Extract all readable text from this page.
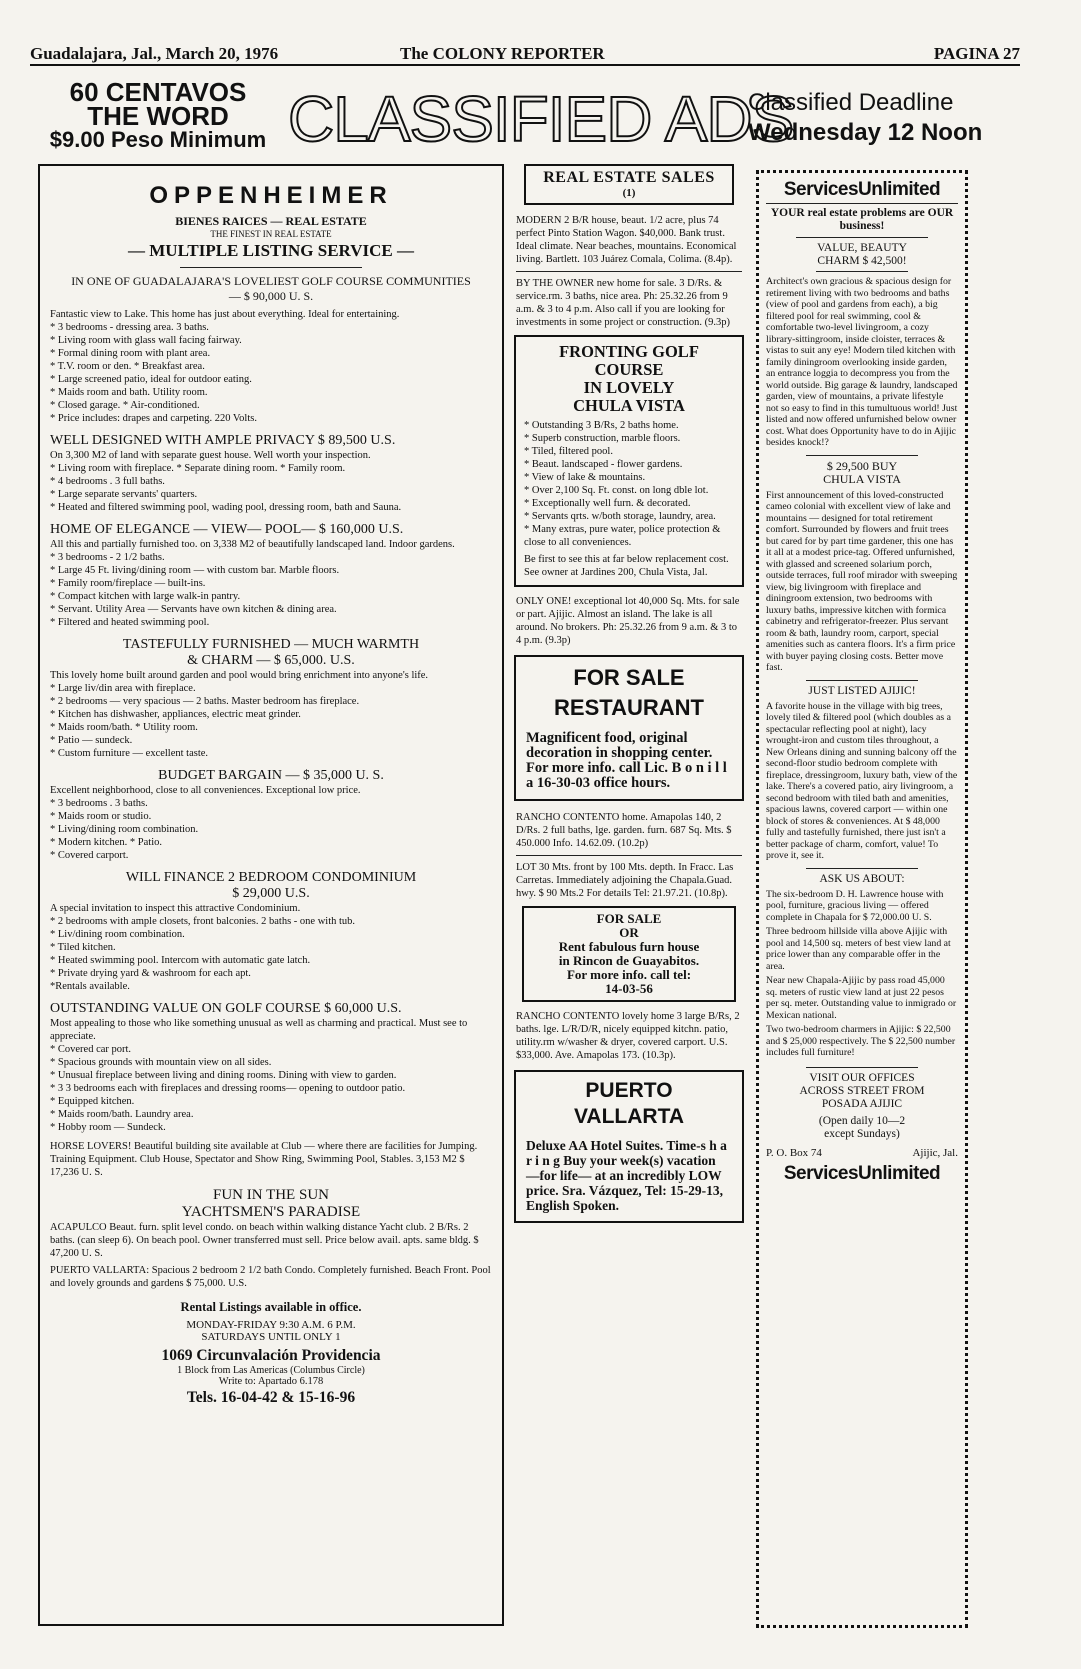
Guadalajara, Jal., March 20, 1976	The COLONY REPORTER	PAGINA 27
60 CENTAVOS
THE WORD
$9.00 Peso Minimum CLASSIFIED ADS
Classified Deadline
Wednesday 12 Noon
OPPENHEIMER
BIENES RAICES — REAL ESTATE
THE FINEST IN REAL ESTATE
— MULTIPLE LISTING SERVICE —
IN ONE OF GUADALAJARA'S LOVELIEST GOLF COURSE COMMUNITIES — $ 90,000 U. S.

Fantastic view to Lake. This home has just about everything. Ideal for entertaining.

* 3 bedrooms - dressing area. 3 baths.

* Living room with glass wall facing fairway.

* Formal dining room with plant area.

* T.V. room or den. * Breakfast area.

* Large screened patio, ideal for outdoor eating.

* Maids room and bath. Utility room.

* Closed garage. * Air-conditioned.

* Price includes: drapes and carpeting. 220 Volts.

WELL DESIGNED WITH AMPLE PRIVACY $ 89,500 U.S.

On 3,300 M2 of land with separate guest house. Well worth your inspection.

* Living room with fireplace. * Separate dining room. * Family room.

* 4 bedrooms . 3 full baths.

* Large separate servants' quarters.

* Heated and filtered swimming pool, wading pool, dressing room, bath and Sauna.

HOME OF ELEGANCE — VIEW— POOL— $ 160,000 U.S.

All this and partially furnished too. on 3,338 M2 of beautifully landscaped land. Indoor gardens.

* 3 bedrooms - 2 1/2 baths.

* Large 45 Ft. living/dining room — with custom bar. Marble floors.

* Family room/fireplace — built-ins.

* Compact kitchen with large walk-in pantry.

* Servant. Utility Area — Servants have own kitchen & dining area.

* Filtered and heated swimming pool.

TASTEFULLY FURNISHED — MUCH WARMTH
& CHARM — $ 65,000. U.S.

This lovely home built around garden and pool would bring enrichment into anyone's life.

* Large liv/din area with fireplace.

* 2 bedrooms — very spacious — 2 baths. Master bedroom has fireplace.

* Kitchen has dishwasher, appliances, electric meat grinder.

* Maids room/bath. * Utility room.

* Patio — sundeck.

* Custom furniture — excellent taste.

BUDGET BARGAIN — $ 35,000 U. S.

Excellent neighborhood, close to all conveniences. Exceptional low price.

* 3 bedrooms . 3 baths.

* Maids room or studio.

* Living/dining room combination.

* Modern kitchen. * Patio.

* Covered carport.

WILL FINANCE 2 BEDROOM CONDOMINIUM
$ 29,000 U.S.

A special invitation to inspect this attractive Condominium.

* 2 bedrooms with ample closets, front balconies. 2 baths - one with tub.

* Liv/dining room combination.

* Tiled kitchen.

* Heated swimming pool. Intercom with automatic gate latch.

* Private drying yard & washroom for each apt.

*Rentals available.

OUTSTANDING VALUE ON GOLF COURSE $ 60,000 U.S.

Most appealing to those who like something unusual as well as charming and practical. Must see to appreciate.

* Covered car port.

* Spacious grounds with mountain view on all sides.

* Unusual fireplace between living and dining rooms. Dining with view to garden.

* 3 3 bedrooms each with fireplaces and dressing rooms— opening to outdoor patio.

* Equipped kitchen.

* Maids room/bath. Laundry area.

* Hobby room — Sundeck.

HORSE LOVERS! Beautiful building site available at Club — where there are facilities for Jumping. Training Equipment. Club House, Spectator and Show Ring, Swimming Pool, Stables. 3,153 M2 $ 17,236 U. S.

FUN IN THE SUN
YACHTSMEN'S PARADISE

ACAPULCO Beaut. furn. split level condo. on beach within walking distance Yacht club. 2 B/Rs. 2 baths. (can sleep 6). On beach pool. Owner transferred must sell. Price below avail. apts. same bldg. $ 47,200 U. S.

PUERTO VALLARTA: Spacious 2 bedroom 2 1/2 bath Condo. Completely furnished. Beach Front. Pool and lovely grounds and gardens $ 75,000. U.S.

Rental Listings available in office.
MONDAY-FRIDAY 9:30 A.M. 6 P.M.
SATURDAYS UNTIL ONLY 1
1069 Circunvalación Providencia
1 Block from Las Americas (Columbus Circle)
Write to: Apartado 6.178
Tels. 16-04-42 & 15-16-96
REAL ESTATE SALES
(1)

MODERN 2 B/R house, beaut. 1/2 acre, plus 74 perfect Pinto Station Wagon. $40,000. Bank trust. Ideal climate. Near beaches, mountains. Economical living. Bartlett. 103 Juárez Comala, Colima. (8.4p).

BY THE OWNER new home for sale. 3 D/Rs. & service.rm. 3 baths, nice area. Ph: 25.32.26 from 9 a.m. & 3 to 4 p.m. Also call if you are looking for investments in some project or construction. (9.3p)

FRONTING GOLF
COURSE
IN LOVELY
CHULA VISTA

* Outstanding 3 B/Rs, 2 baths home.

* Superb construction, marble floors.

* Tiled, filtered pool.

* Beaut. landscaped - flower gardens.

* View of lake & mountains.

* Over 2,100 Sq. Ft. const. on long dble lot.

* Exceptionally well furn. & decorated.

* Servants qrts. w/both storage, laundry, area.

* Many extras, pure water, police protection & close to all conveniences.

Be first to see this at far below replacement cost. See owner at Jardines 200, Chula Vista, Jal.

ONLY ONE! exceptional lot 40,000 Sq. Mts. for sale or part. Ajijic. Almost an island. The lake is all around. No brokers. Ph: 25.32.26 from 9 a.m. & 3 to 4 p.m. (9.3p)

FOR SALE
RESTAURANT
Magnificent food, original decoration in shopping center. For more info. call Lic. B o n i l l a 16-30-03 office hours.

RANCHO CONTENTO home. Amapolas 140, 2 D/Rs. 2 full baths, lge. garden. furn. 687 Sq. Mts. $ 450.000 Info. 14.62.09. (10.2p)

LOT 30 Mts. front by 100 Mts. depth. In Fracc. Las Carretas. Immediately adjoining the Chapala.Guad. hwy. $ 90 Mts.2 For details Tel: 21.97.21. (10.8p).

FOR SALE
OR
Rent fabulous furn house
in Rincon de Guayabitos.
For more info. call tel:
14-03-56

RANCHO CONTENTO lovely home 3 large B/Rs, 2 baths. lge. L/R/D/R, nicely equipped kitchn. patio, utility.rm w/washer & dryer, covered carport. U.S. $33,000. Ave. Amapolas 173. (10.3p).

PUERTO
VALLARTA
Deluxe AA Hotel Suites. Time-s h a r i n g Buy your week(s) vacation —for life— at an incredibly LOW price. Sra. Vázquez, Tel: 15-29-13, English Spoken.
ServicesUnlimited
YOUR real estate problems are OUR business!
VALUE, BEAUTY
CHARM $ 42,500!

Architect's own gracious & spacious design for retirement living with two bedrooms and baths (view of pool and gardens from each), a big filtered pool for real swimming, cool & comfortable two-level livingroom, a cozy library-sittingroom, inside cloister, terraces & vistas to suit any eye! Modern tiled kitchen with family diningroom overlooking inside garden, an entrance loggia to decompress you from the world outside. Big garage & laundry, landscaped garden, view of mountains, a private lifestyle not so easy to find in this tumultuous world! Just listed and now offered unfurnished below owner cost. What does Opportunity have to do in Ajijic besides knock!?

$ 29,500 BUY
CHULA VISTA

First announcement of this loved-constructed cameo colonial with excellent view of lake and mountains — designed for total retirement comfort. Surrounded by flowers and fruit trees but cared for by part time gardener, this one has it all at a modest price-tag. Offered unfurnished, with glassed and screened solarium porch, outside terraces, full roof mirador with sweeping view, big livingroom with fireplace and diningroom extension, two bedrooms with luxury baths, impressive kitchen with formica cabinetry and refrigerator-freezer. Plus servant room & bath, laundry room, carport, special amenities such as cantera floors. It's a firm price with buyer paying closing costs. Better move fast.

JUST LISTED AJIJIC!

A favorite house in the village with big trees, lovely tiled & filtered pool (which doubles as a spectacular reflecting pool at night), lacy wrought-iron and custom tiles throughout, a New Orleans dining and sunning balcony off the second-floor studio bedroom complete with fireplace, dressingroom, luxury bath, view of the lake. There's a covered patio, airy livingroom, a second bedroom with tiled bath and amenities, spacious lawns, covered carport — within one block of stores & conveniences. At $ 48,000 fully and tastefully furnished, there just isn't a better package of charm, comfort, value! To prove it, see it.

ASK US ABOUT:

The six-bedroom D. H. Lawrence house with pool, furniture, gracious living — offered complete in Chapala for $ 72,000.00 U. S.

Three bedroom hillside villa above Ajijic with pool and 14,500 sq. meters of best view land at price lower than any comparable offer in the area.

Near new Chapala-Ajijic by pass road 45,000 sq. meters of rustic view land at just 22 pesos per sq. meter. Outstanding value to inmigrado or Mexican national.

Two two-bedroom charmers in Ajijic: $ 22,500 and $ 25,000 respectively. The $ 22,500 number includes full furniture!

VISIT OUR OFFICES
ACROSS STREET FROM
POSADA AJIJIC
(Open daily 10—2
except Sundays)
P. O. Box 74	Ajijic, Jal.
ServicesUnlimited
